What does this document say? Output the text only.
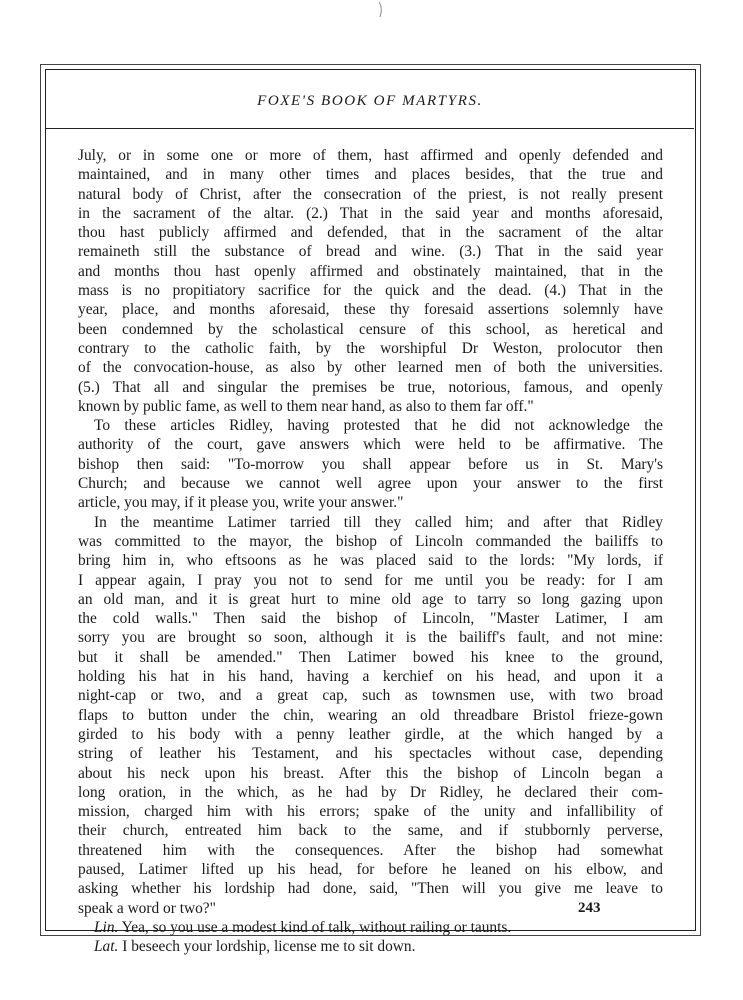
FOXE'S BOOK OF MARTYRS.
July, or in some one or more of them, hast affirmed and openly defended and
maintained, and in many other times and places besides, that the true and
natural body of Christ, after the consecration of the priest, is not really present
in the sacrament of the altar. (2.) That in the said year and months aforesaid,
thou hast publicly affirmed and defended, that in the sacrament of the altar
remaineth still the substance of bread and wine. (3.) That in the said year
and months thou hast openly affirmed and obstinately maintained, that in the
mass is no propitiatory sacrifice for the quick and the dead. (4.) That in the
year, place, and months aforesaid, these thy foresaid assertions solemnly have
been condemned by the scholastical censure of this school, as heretical and
contrary to the catholic faith, by the worshipful Dr Weston, prolocutor then
of the convocation-house, as also by other learned men of both the universities.
(5.) That all and singular the premises be true, notorious, famous, and openly
known by public fame, as well to them near hand, as also to them far off."
To these articles Ridley, having protested that he did not acknowledge the
authority of the court, gave answers which were held to be affirmative. The
bishop then said: "To-morrow you shall appear before us in St. Mary's
Church; and because we cannot well agree upon your answer to the first
article, you may, if it please you, write your answer."
In the meantime Latimer tarried till they called him; and after that Ridley
was committed to the mayor, the bishop of Lincoln commanded the bailiffs to
bring him in, who eftsoons as he was placed said to the lords: "My lords, if
I appear again, I pray you not to send for me until you be ready: for I am
an old man, and it is great hurt to mine old age to tarry so long gazing upon
the cold walls." Then said the bishop of Lincoln, "Master Latimer, I am
sorry you are brought so soon, although it is the bailiff's fault, and not mine:
but it shall be amended." Then Latimer bowed his knee to the ground,
holding his hat in his hand, having a kerchief on his head, and upon it a
night-cap or two, and a great cap, such as townsmen use, with two broad
flaps to button under the chin, wearing an old threadbare Bristol frieze-gown
girded to his body with a penny leather girdle, at the which hanged by a
string of leather his Testament, and his spectacles without case, depending
about his neck upon his breast. After this the bishop of Lincoln began a
long oration, in the which, as he had by Dr Ridley, he declared their com-
mission, charged him with his errors; spake of the unity and infallibility of
their church, entreated him back to the same, and if stubbornly perverse,
threatened him with the consequences. After the bishop had somewhat
paused, Latimer lifted up his head, for before he leaned on his elbow, and
asking whether his lordship had done, said, "Then will you give me leave to
speak a word or two?"
Lin. Yea, so you use a modest kind of talk, without railing or taunts.
Lat. I beseech your lordship, license me to sit down.
243
